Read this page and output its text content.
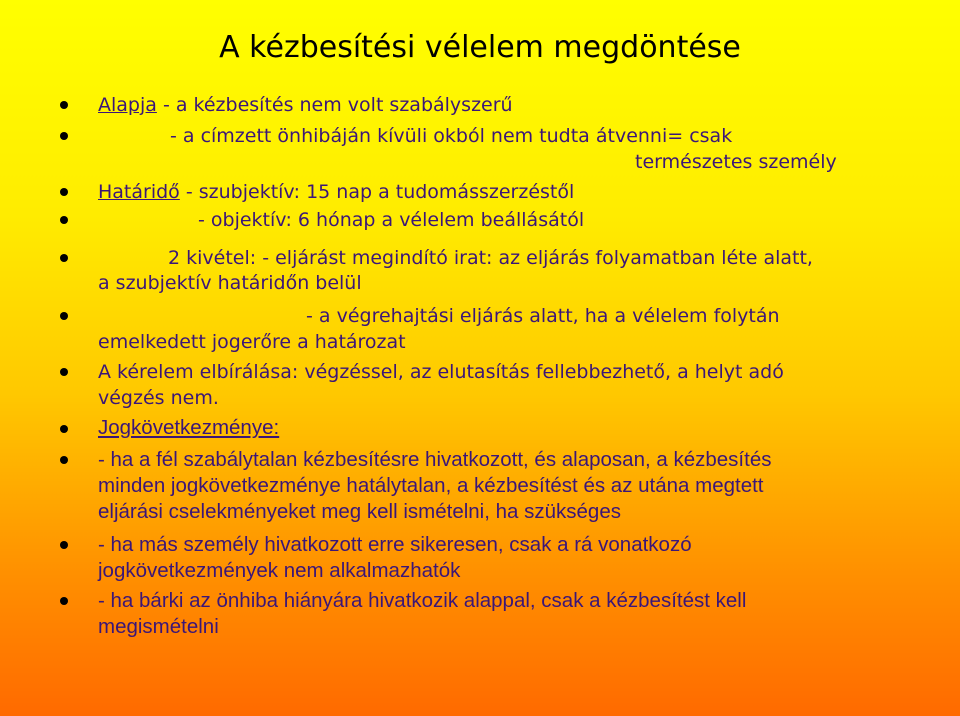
A kézbesítési vélelem megdöntése
Alapja - a kézbesítés nem volt szabályszerű
- a címzett önhibáján kívüli okból nem tudta átvenni= csak
természetes személy
Határidő - szubjektív: 15 nap a tudomásszerzéstől
- objektív: 6 hónap a vélelem beállásától
2 kivétel: - eljárást megindító irat: az eljárás folyamatban léte alatt,
a szubjektív határidőn belül
- a végrehajtási eljárás alatt, ha a vélelem folytán
emelkedett jogerőre a határozat
A kérelem elbírálása: végzéssel, az elutasítás fellebbezhető, a helyt adó
végzés nem.
Jogkövetkezménye:
- ha a fél szabálytalan kézbesítésre hivatkozott, és alaposan, a kézbesítés
minden jogkövetkezménye hatálytalan, a kézbesítést és az utána megtett
eljárási cselekményeket meg kell ismételni, ha szükséges
- ha más személy hivatkozott erre sikeresen, csak a rá vonatkozó
jogkövetkezmények nem alkalmazhatók
- ha bárki az önhiba hiányára hivatkozik alappal, csak a kézbesítést kell
megismételni
